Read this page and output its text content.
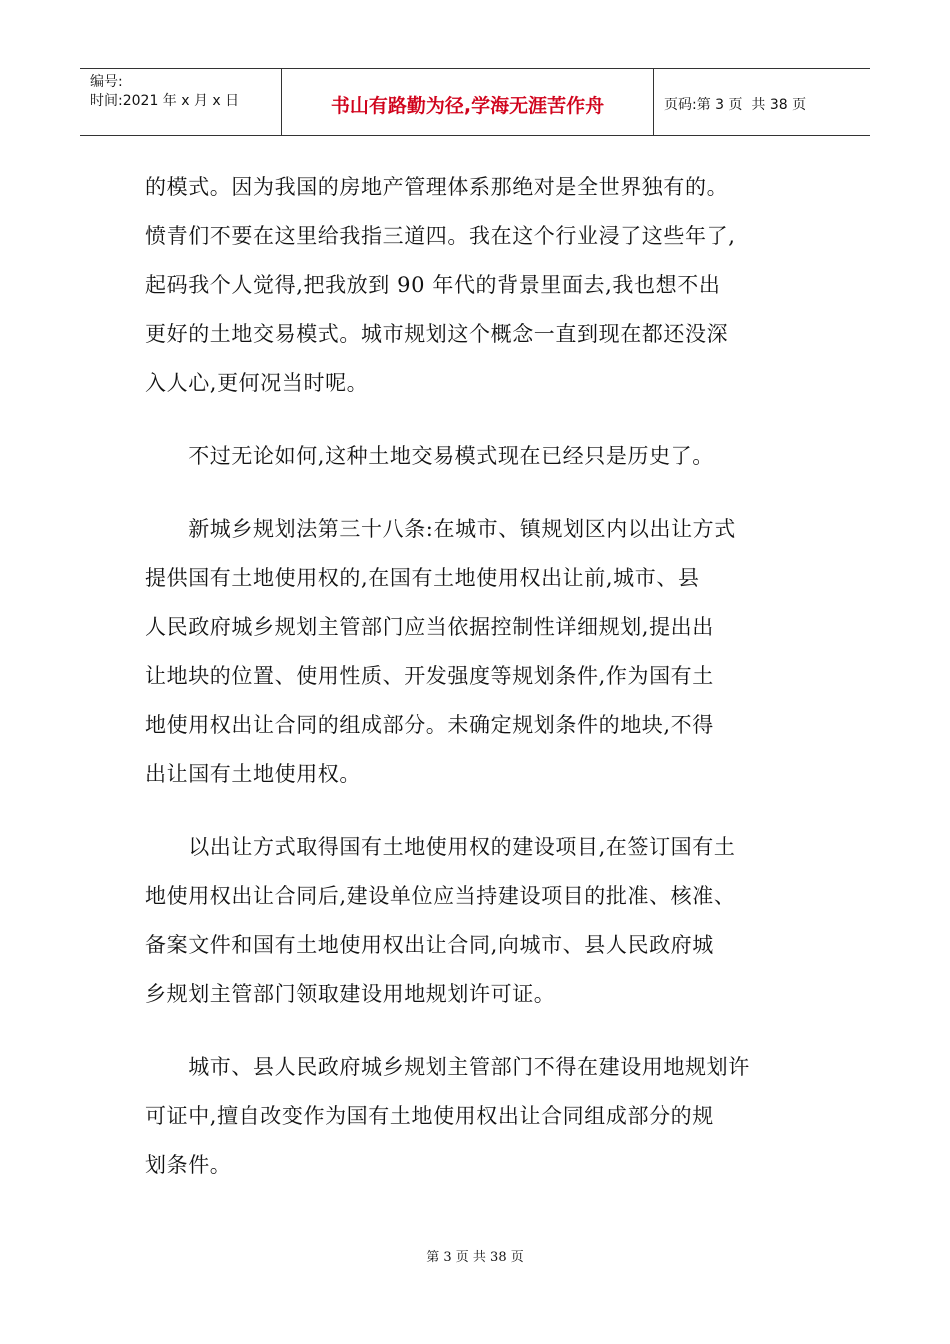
编号:
时间:2021 年 x 月 x 日	书山有路勤为径,学海无涯苦作舟	页码:第 3 页  共 38 页
的模式。因为我国的房地产管理体系那绝对是全世界独有的。
愤青们不要在这里给我指三道四。我在这个行业浸了这些年了,
起码我个人觉得,把我放到 90 年代的背景里面去,我也想不出
更好的土地交易模式。城市规划这个概念一直到现在都还没深
入人心,更何况当时呢。
　　不过无论如何,这种土地交易模式现在已经只是历史了。
　　新城乡规划法第三十八条:在城市、镇规划区内以出让方式
提供国有土地使用权的,在国有土地使用权出让前,城市、县
人民政府城乡规划主管部门应当依据控制性详细规划,提出出
让地块的位置、使用性质、开发强度等规划条件,作为国有土
地使用权出让合同的组成部分。未确定规划条件的地块,不得
出让国有土地使用权。
　　以出让方式取得国有土地使用权的建设项目,在签订国有土
地使用权出让合同后,建设单位应当持建设项目的批准、核准、
备案文件和国有土地使用权出让合同,向城市、县人民政府城
乡规划主管部门领取建设用地规划许可证。
　　城市、县人民政府城乡规划主管部门不得在建设用地规划许
可证中,擅自改变作为国有土地使用权出让合同组成部分的规
划条件。
第 3 页 共 38 页
